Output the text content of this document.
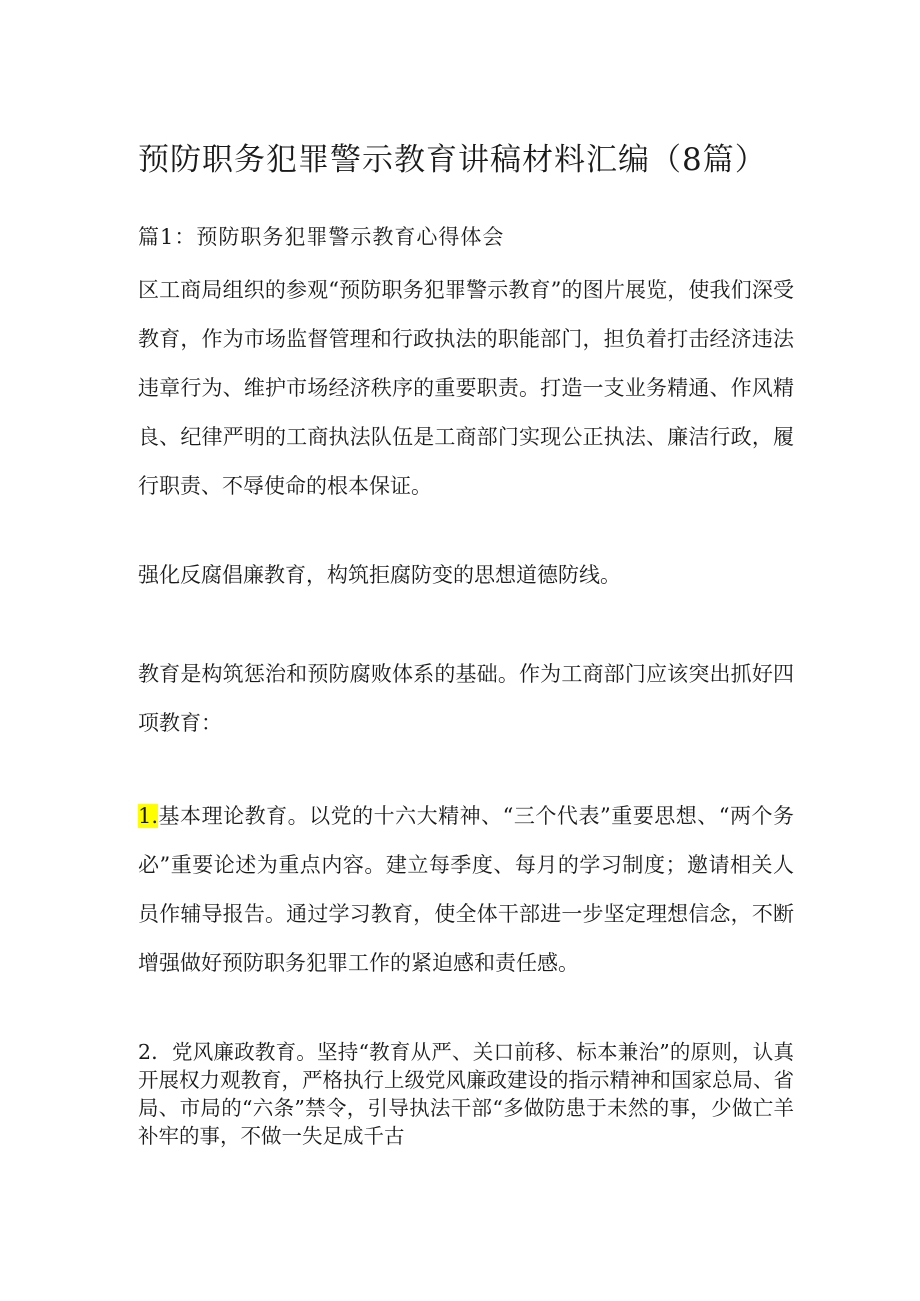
预防职务犯罪警示教育讲稿材料汇编（8篇）
篇1：预防职务犯罪警示教育心得体会

区工商局组织的参观“预防职务犯罪警示教育”的图片展览，使我们深受教育，作为市场监督管理和行政执法的职能部门，担负着打击经济违法违章行为、维护市场经济秩序的重要职责。打造一支业务精通、作风精良、纪律严明的工商执法队伍是工商部门实现公正执法、廉洁行政，履行职责、不辱使命的根本保证。

强化反腐倡廉教育，构筑拒腐防变的思想道德防线。

教育是构筑惩治和预防腐败体系的基础。作为工商部门应该突出抓好四项教育：

1.基本理论教育。以党的十六大精神、“三个代表”重要思想、“两个务必”重要论述为重点内容。建立每季度、每月的学习制度；邀请相关人员作辅导报告。通过学习教育，使全体干部进一步坚定理想信念，不断增强做好预防职务犯罪工作的紧迫感和责任感。

2．党风廉政教育。坚持“教育从严、关口前移、标本兼治”的原则，认真开展权力观教育，严格执行上级党风廉政建设的指示精神和国家总局、省局、市局的“六条”禁令，引导执法干部“多做防患于未然的事，少做亡羊补牢的事，不做一失足成千古
